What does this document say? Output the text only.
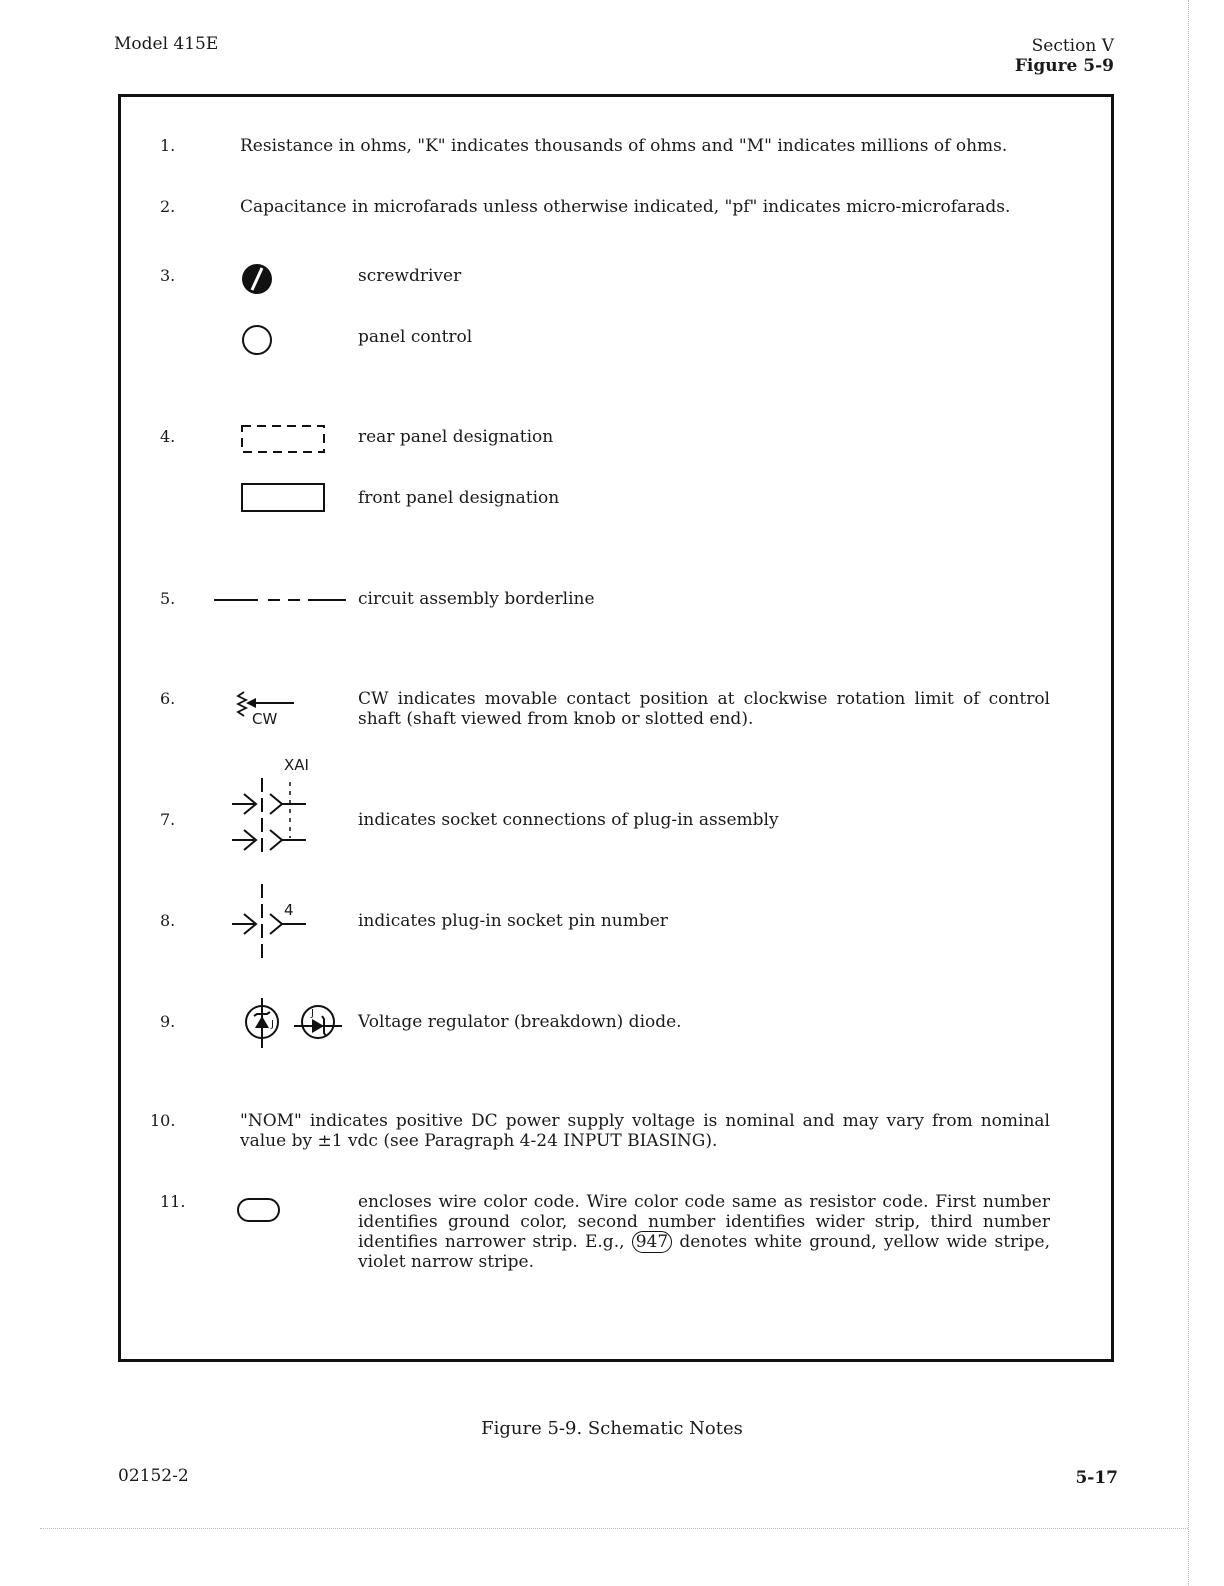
Model 415E	Section V
Figure 5-9
1.	Resistance in ohms, "K" indicates thousands of ohms and "M" indicates millions of ohms.
2.	Capacitance in microfarads unless otherwise indicated, "pf" indicates micro-microfarads.
3.	screwdriver
panel control
4.	rear panel designation
front panel designation
5.	circuit assembly borderline
6.
CW
CW indicates movable contact position at clockwise rotation limit of control shaft (shaft viewed from knob or slotted end).
7.
XAI
indicates socket connections of plug-in assembly
8.
4
indicates plug-in socket pin number
9.	J
J	Voltage regulator (breakdown) diode.
10.	"NOM" indicates positive DC power supply voltage is nominal and may vary from nominal value by ±1 vdc (see Paragraph 4-24 INPUT BIASING).
11.	encloses wire color code. Wire color code same as resistor code. First number identifies ground color, second number identifies wider strip, third number identifies narrower strip. E.g., 947 denotes white ground, yellow wide stripe, violet narrow stripe.
Figure 5-9. Schematic Notes
02152-2	5-17
